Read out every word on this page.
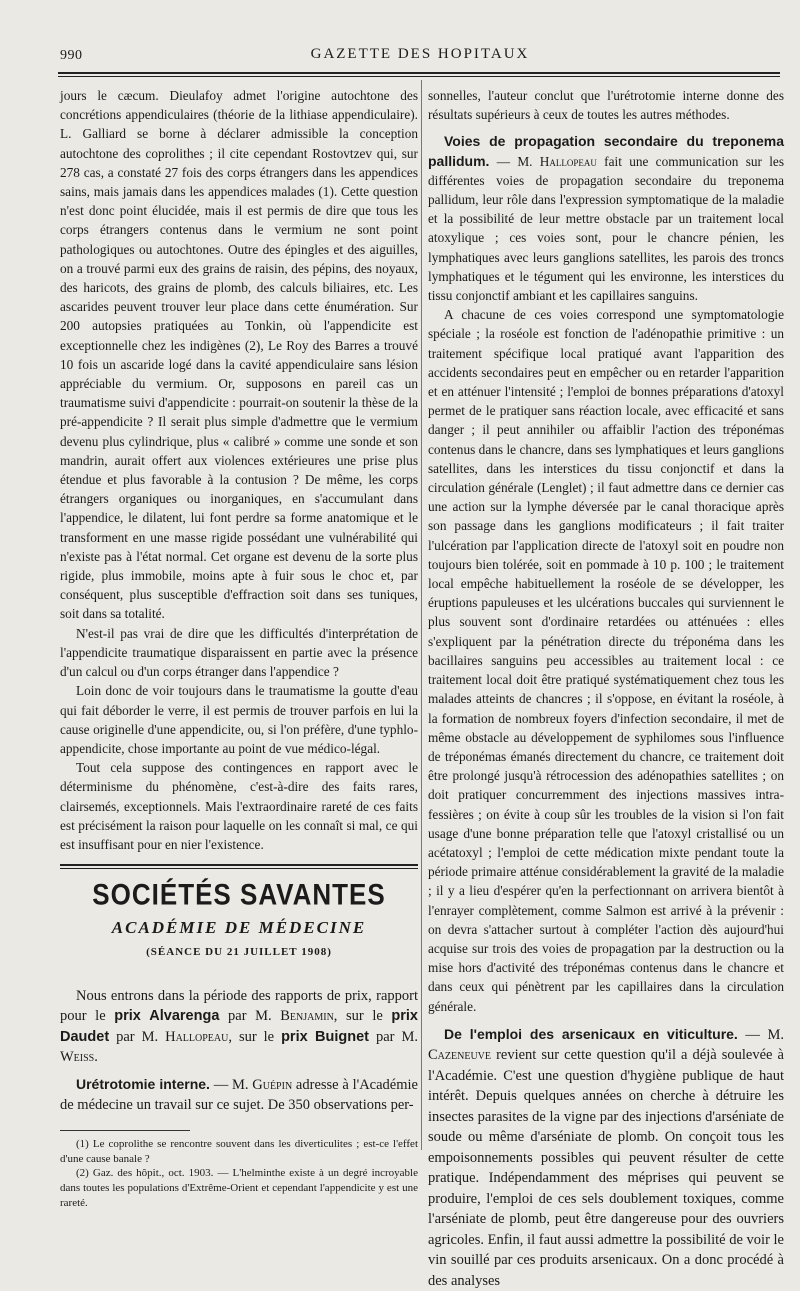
990	GAZETTE DES HOPITAUX

jours le cæcum. Dieulafoy admet l'origine autochtone des concrétions appendiculaires (théorie de la lithiase appendiculaire). L. Galliard se borne à déclarer admissible la conception autochtone des coprolithes ; il cite cependant Rostovtzev qui, sur 278 cas, a constaté 27 fois des corps étrangers dans les appendices sains, mais jamais dans les appendices malades (1). Cette question n'est donc point élucidée, mais il est permis de dire que tous les corps étrangers contenus dans le vermium ne sont point pathologiques ou autochtones. Outre des épingles et des aiguilles, on a trouvé parmi eux des grains de raisin, des pépins, des noyaux, des haricots, des grains de plomb, des calculs biliaires, etc. Les ascarides peuvent trouver leur place dans cette énumération. Sur 200 autopsies pratiquées au Tonkin, où l'appendicite est exceptionnelle chez les indigènes (2), Le Roy des Barres a trouvé 10 fois un ascaride logé dans la cavité appendiculaire sans lésion appréciable du vermium. Or, supposons en pareil cas un traumatisme suivi d'appendicite : pourrait-on soutenir la thèse de la pré-appendicite ? Il serait plus simple d'admettre que le vermium devenu plus cylindrique, plus « calibré » comme une sonde et son mandrin, aurait offert aux violences extérieures une prise plus étendue et plus favorable à la contusion ? De même, les corps étrangers organiques ou inorganiques, en s'accumulant dans l'appendice, le dilatent, lui font perdre sa forme anatomique et le transforment en une masse rigide possédant une vulnérabilité qui n'existe pas à l'état normal. Cet organe est devenu de la sorte plus rigide, plus immobile, moins apte à fuir sous le choc et, par conséquent, plus susceptible d'effraction soit dans ses tuniques, soit dans sa totalité.

N'est-il pas vrai de dire que les difficultés d'interprétation de l'appendicite traumatique disparaissent en partie avec la présence d'un calcul ou d'un corps étranger dans l'appendice ?

Loin donc de voir toujours dans le traumatisme la goutte d'eau qui fait déborder le verre, il est permis de trouver parfois en lui la cause originelle d'une appendicite, ou, si l'on préfère, d'une typhlo-appendicite, chose importante au point de vue médico-légal.

Tout cela suppose des contingences en rapport avec le déterminisme du phénomène, c'est-à-dire des faits rares, clairsemés, exceptionnels. Mais l'extraordinaire rareté de ces faits est précisément la raison pour laquelle on les connaît si mal, ce qui est insuffisant pour en nier l'existence.

SOCIÉTÉS SAVANTES
ACADÉMIE DE MÉDECINE
(SÉANCE DU 21 JUILLET 1908)

Nous entrons dans la période des rapports de prix, rapport pour le prix Alvarenga par M. Benjamin, sur le prix Daudet par M. Hallopeau, sur le prix Buignet par M. Weiss.

Urétrotomie interne. — M. Guépin adresse à l'Académie de médecine un travail sur ce sujet. De 350 observations per-

(1) Le coprolithe se rencontre souvent dans les diverticulites ; est-ce l'effet d'une cause banale ?

(2) Gaz. des hôpit., oct. 1903. — L'helminthe existe à un degré incroyable dans toutes les populations d'Extrême-Orient et cependant l'appendicite y est une rareté.

sonnelles, l'auteur conclut que l'urétrotomie interne donne des résultats supérieurs à ceux de toutes les autres méthodes.

Voies de propagation secondaire du treponema pallidum. — M. Hallopeau fait une communication sur les différentes voies de propagation secondaire du treponema pallidum, leur rôle dans l'expression symptomatique de la maladie et la possibilité de leur mettre obstacle par un traitement local atoxylique ; ces voies sont, pour le chancre pénien, les lymphatiques avec leurs ganglions satellites, les parois des troncs lymphatiques et le tégument qui les environne, les interstices du tissu conjonctif ambiant et les capillaires sanguins.

A chacune de ces voies correspond une symptomatologie spéciale ; la roséole est fonction de l'adénopathie primitive : un traitement spécifique local pratiqué avant l'apparition des accidents secondaires peut en empêcher ou en retarder l'apparition et en atténuer l'intensité ; l'emploi de bonnes préparations d'atoxyl permet de le pratiquer sans réaction locale, avec efficacité et sans danger ; il peut annihiler ou affaiblir l'action des tréponémas contenus dans le chancre, dans ses lymphatiques et leurs ganglions satellites, dans les interstices du tissu conjonctif et dans la circulation générale (Lenglet) ; il faut admettre dans ce dernier cas une action sur la lymphe déversée par le canal thoracique après son passage dans les ganglions modificateurs ; il fait traiter l'ulcération par l'application directe de l'atoxyl soit en poudre non toujours bien tolérée, soit en pommade à 10 p. 100 ; le traitement local empêche habituellement la roséole de se développer, les éruptions papuleuses et les ulcérations buccales qui surviennent le plus souvent sont d'ordinaire retardées ou atténuées : elles s'expliquent par la pénétration directe du tréponéma dans les bacillaires sanguins peu accessibles au traitement local : ce traitement local doit être pratiqué systématiquement chez tous les malades atteints de chancres ; il s'oppose, en évitant la roséole, à la formation de nombreux foyers d'infection secondaire, il met de même obstacle au développement de syphilomes sous l'influence de tréponémas émanés directement du chancre, ce traitement doit être prolongé jusqu'à rétrocession des adénopathies satellites ; on doit pratiquer concurremment des injections massives intra-fessières ; on évite à coup sûr les troubles de la vision si l'on fait usage d'une bonne préparation telle que l'atoxyl cristallisé ou un acétatoxyl ; l'emploi de cette médication mixte pendant toute la période primaire atténue considérablement la gravité de la maladie ; il y a lieu d'espérer qu'en la perfectionnant on arrivera bientôt à l'enrayer complètement, comme Salmon est arrivé à la prévenir : on devra s'attacher surtout à compléter l'action dès aujourd'hui acquise sur trois des voies de propagation par la destruction ou la mise hors d'activité des tréponémas contenus dans le chancre et dans ceux qui pénètrent par les capillaires dans la circulation générale.

De l'emploi des arsenicaux en viticulture. — M. Cazeneuve revient sur cette question qu'il a déjà soulevée à l'Académie. C'est une question d'hygiène publique de haut intérêt. Depuis quelques années on cherche à détruire les insectes parasites de la vigne par des injections d'arséniate de soude ou même d'arséniate de plomb. On conçoit tous les empoisonnements possibles qui peuvent résulter de cette pratique. Indépendamment des méprises qui peuvent se produire, l'emploi de ces sels doublement toxiques, comme l'arséniate de plomb, peut être dangereuse pour des ouvriers agricoles. Enfin, il faut aussi admettre la possibilité de voir le vin souillé par ces produits arsenicaux. On a donc procédé à des analyses
